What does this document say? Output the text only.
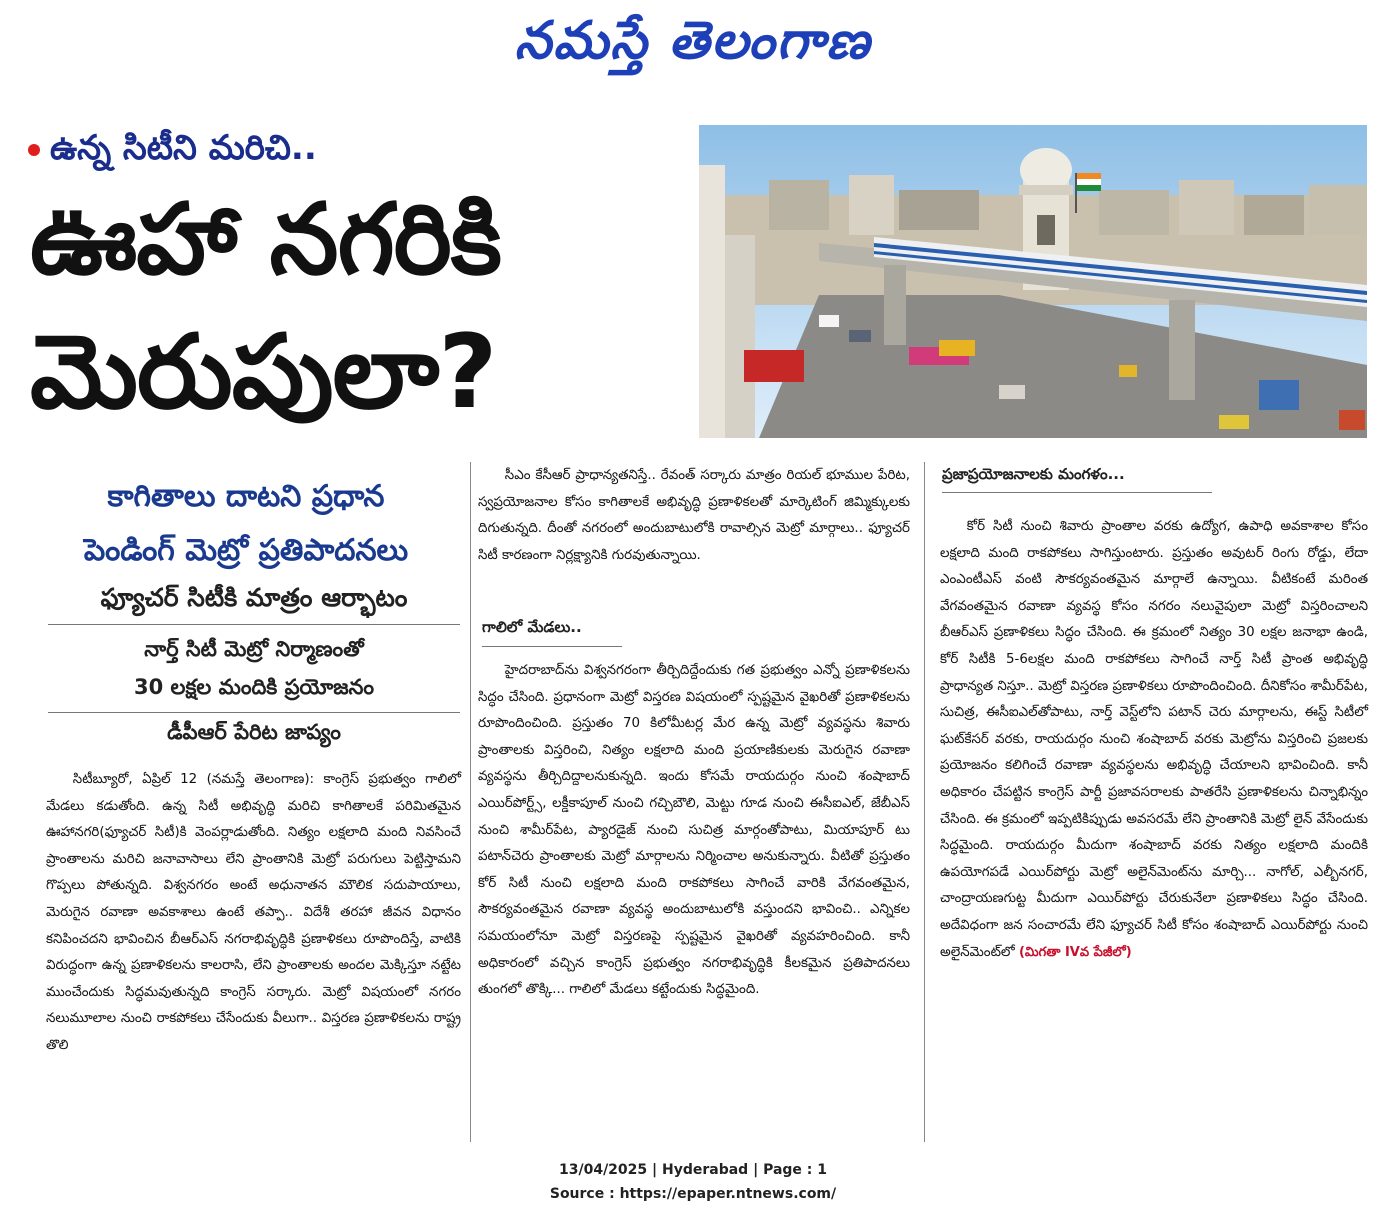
నమస్తే తెలంగాణ
ఉన్న సిటీని మరిచి..
ఊహా నగరికి
మెరుపులా?
కాగితాలు దాటని ప్రధాన
పెండింగ్ మెట్రో ప్రతిపాదనలు
ఫ్యూచర్ సిటీకి మాత్రం ఆర్భాటం
నార్త్ సిటీ మెట్రో నిర్మాణంతో
30 లక్షల మందికి ప్రయోజనం
డీపీఆర్ పేరిట జాప్యం

సిటీబ్యూరో, ఏప్రిల్ 12 (నమస్తే తెలంగాణ): కాంగ్రెస్ ప్రభుత్వం గాలిలో మేడలు కడుతోంది. ఉన్న సిటీ అభివృద్ధి మరిచి కాగితాలకే పరిమితమైన ఊహానగరి(ఫ్యూచర్ సిటీ)కి వెంపర్లాడుతోంది. నిత్యం లక్షలాది మంది నివసించే ప్రాంతాలను మరిచి జనావాసాలు లేని ప్రాంతానికి మెట్రో పరుగులు పెట్టిస్తామని గొప్పలు పోతున్నది. విశ్వనగరం అంటే అధునాతన మౌలిక సదుపాయాలు, మెరుగైన రవాణా అవకాశాలు ఉంటే తప్పా.. విదేశీ తరహా జీవన విధానం కనిపించదని భావించిన బీఆర్ఎస్ నగరాభివృద్ధికి ప్రణాళికలు రూపొందిస్తే, వాటికి విరుద్ధంగా ఉన్న ప్రణాళికలను కాలరాసి, లేని ప్రాంతాలకు అందల మెక్కిస్తూ నట్టేట ముంచేందుకు సిద్ధమవుతున్నది కాంగ్రెస్ సర్కారు. మెట్రో విషయంలో నగరం నలుమూలాల నుంచి రాకపోకలు చేసేందుకు వీలుగా.. విస్తరణ ప్రణాళికలను రాష్ట్ర తొలి

సీఎం కేసీఆర్ ప్రాధాన్యతనిస్తే.. రేవంత్ సర్కారు మాత్రం రియల్ భూముల పేరిట, స్వప్రయోజనాల కోసం కాగితాలకే అభివృద్ధి ప్రణాళికలతో మార్కెటింగ్ జిమ్మిక్కులకు దిగుతున్నది. దీంతో నగరంలో అందుబాటులోకి రావాల్సిన మెట్రో మార్గాలు.. ఫ్యూచర్ సిటీ కారణంగా నిర్లక్ష్యానికి గురవుతున్నాయి.

గాలిలో మేడలు..

హైదరాబాద్‌ను విశ్వనగరంగా తీర్చిదిద్దేందుకు గత ప్రభుత్వం ఎన్నో ప్రణాళికలను సిద్ధం చేసింది. ప్రధానంగా మెట్రో విస్తరణ విషయంలో స్పష్టమైన వైఖరితో ప్రణాళికలను రూపొందించింది. ప్రస్తుతం 70 కిలోమీటర్ల మేర ఉన్న మెట్రో వ్యవస్థను శివారు ప్రాంతాలకు విస్తరించి, నిత్యం లక్షలాది మంది ప్రయాణికులకు మెరుగైన రవాణా వ్యవస్థను తీర్చిదిద్దాలనుకున్నది. ఇందు కోసమే రాయదుర్గం నుంచి శంషాబాద్ ఎయిర్‌పోర్ట్స్, లక్డీకాపూల్ నుంచి గచ్చిబౌలి, మెట్టు గూడ నుంచి ఈసీఐఎల్, జేబీఎస్ నుంచి శామీర్‌పేట, ప్యారడైజ్ నుంచి సుచిత్ర మార్గంతోపాటు, మియాపూర్ టు పటాన్‌చెరు ప్రాంతాలకు మెట్రో మార్గాలను నిర్మించాల అనుకున్నారు. వీటితో ప్రస్తుతం కోర్ సిటీ నుంచి లక్షలాది మంది రాకపోకలు సాగించే వారికి వేగవంతమైన, సౌకర్యవంతమైన రవాణా వ్యవస్థ అందుబాటులోకి వస్తుందని భావించి.. ఎన్నికల సమయంలోనూ మెట్రో విస్తరణపై స్పష్టమైన వైఖరితో వ్యవహరించింది. కానీ అధికారంలో వచ్చిన కాంగ్రెస్ ప్రభుత్వం నగరాభివృద్ధికి కీలకమైన ప్రతిపాదనలు తుంగలో తొక్కి... గాలిలో మేడలు కట్టేందుకు సిద్ధమైంది.

ప్రజాప్రయోజనాలకు మంగళం...

కోర్ సిటీ నుంచి శివారు ప్రాంతాల వరకు ఉద్యోగ, ఉపాధి అవకాశాల కోసం లక్షలాది మంది రాకపోకలు సాగిస్తుంటారు. ప్రస్తుతం అవుటర్ రింగు రోడ్డు, లేదా ఎంఎంటీఎస్ వంటి సౌకర్యవంతమైన మార్గాలే ఉన్నాయి. వీటికంటే మరింత వేగవంతమైన రవాణా వ్యవస్థ కోసం నగరం నలువైపులా మెట్రో విస్తరించాలని బీఆర్ఎస్ ప్రణాళికలు సిద్ధం చేసింది. ఈ క్రమంలో నిత్యం 30 లక్షల జనాభా ఉండి, కోర్ సిటీకి 5-6లక్షల మంది రాకపోకలు సాగించే నార్త్ సిటీ ప్రాంత అభివృద్ధి ప్రాధాన్యత నిస్తూ.. మెట్రో విస్తరణ ప్రణాళికలు రూపొందించింది. దీనికోసం శామీర్‌పేట, సుచిత్ర, ఈసీఐఎల్‌తోపాటు, నార్త్ వెస్ట్‌లోని పటాన్ చెరు మార్గాలను, ఈస్ట్ సిటీలో ఘట్‌కేసర్ వరకు, రాయదుర్గం నుంచి శంషాబాద్ వరకు మెట్రోను విస్తరించి ప్రజలకు ప్రయోజనం కలిగించే రవాణా వ్యవస్థలను అభివృద్ధి చేయాలని భావించింది. కానీ అధికారం చేపట్టిన కాంగ్రెస్ పార్టీ ప్రజావసరాలకు పాతరేసి ప్రణాళికలను చిన్నాభిన్నం చేసింది. ఈ క్రమంలో ఇప్పటికిప్పుడు అవసరమే లేని ప్రాంతానికి మెట్రో లైన్ వేసేందుకు సిద్ధమైంది. రాయదుర్గం మీదుగా శంషాబాద్ వరకు నిత్యం లక్షలాది మందికి ఉపయోగపడే ఎయిర్‌పోర్టు మెట్రో అలైన్‌మెంట్‌ను మార్చి... నాగోల్, ఎల్బీనగర్, చాంద్రాయణగుట్ట మీదుగా ఎయిర్‌పోర్టు చేరుకునేలా ప్రణాళికలు సిద్ధం చేసింది. అదేవిధంగా జన సంచారమే లేని ఫ్యూచర్ సిటీ కోసం శంషాబాద్ ఎయిర్‌పోర్టు నుంచి అలైన్‌మెంట్‌లో (మిగతా IVవ పేజీలో)

13/04/2025 | Hyderabad | Page : 1
Source : https://epaper.ntnews.com/
